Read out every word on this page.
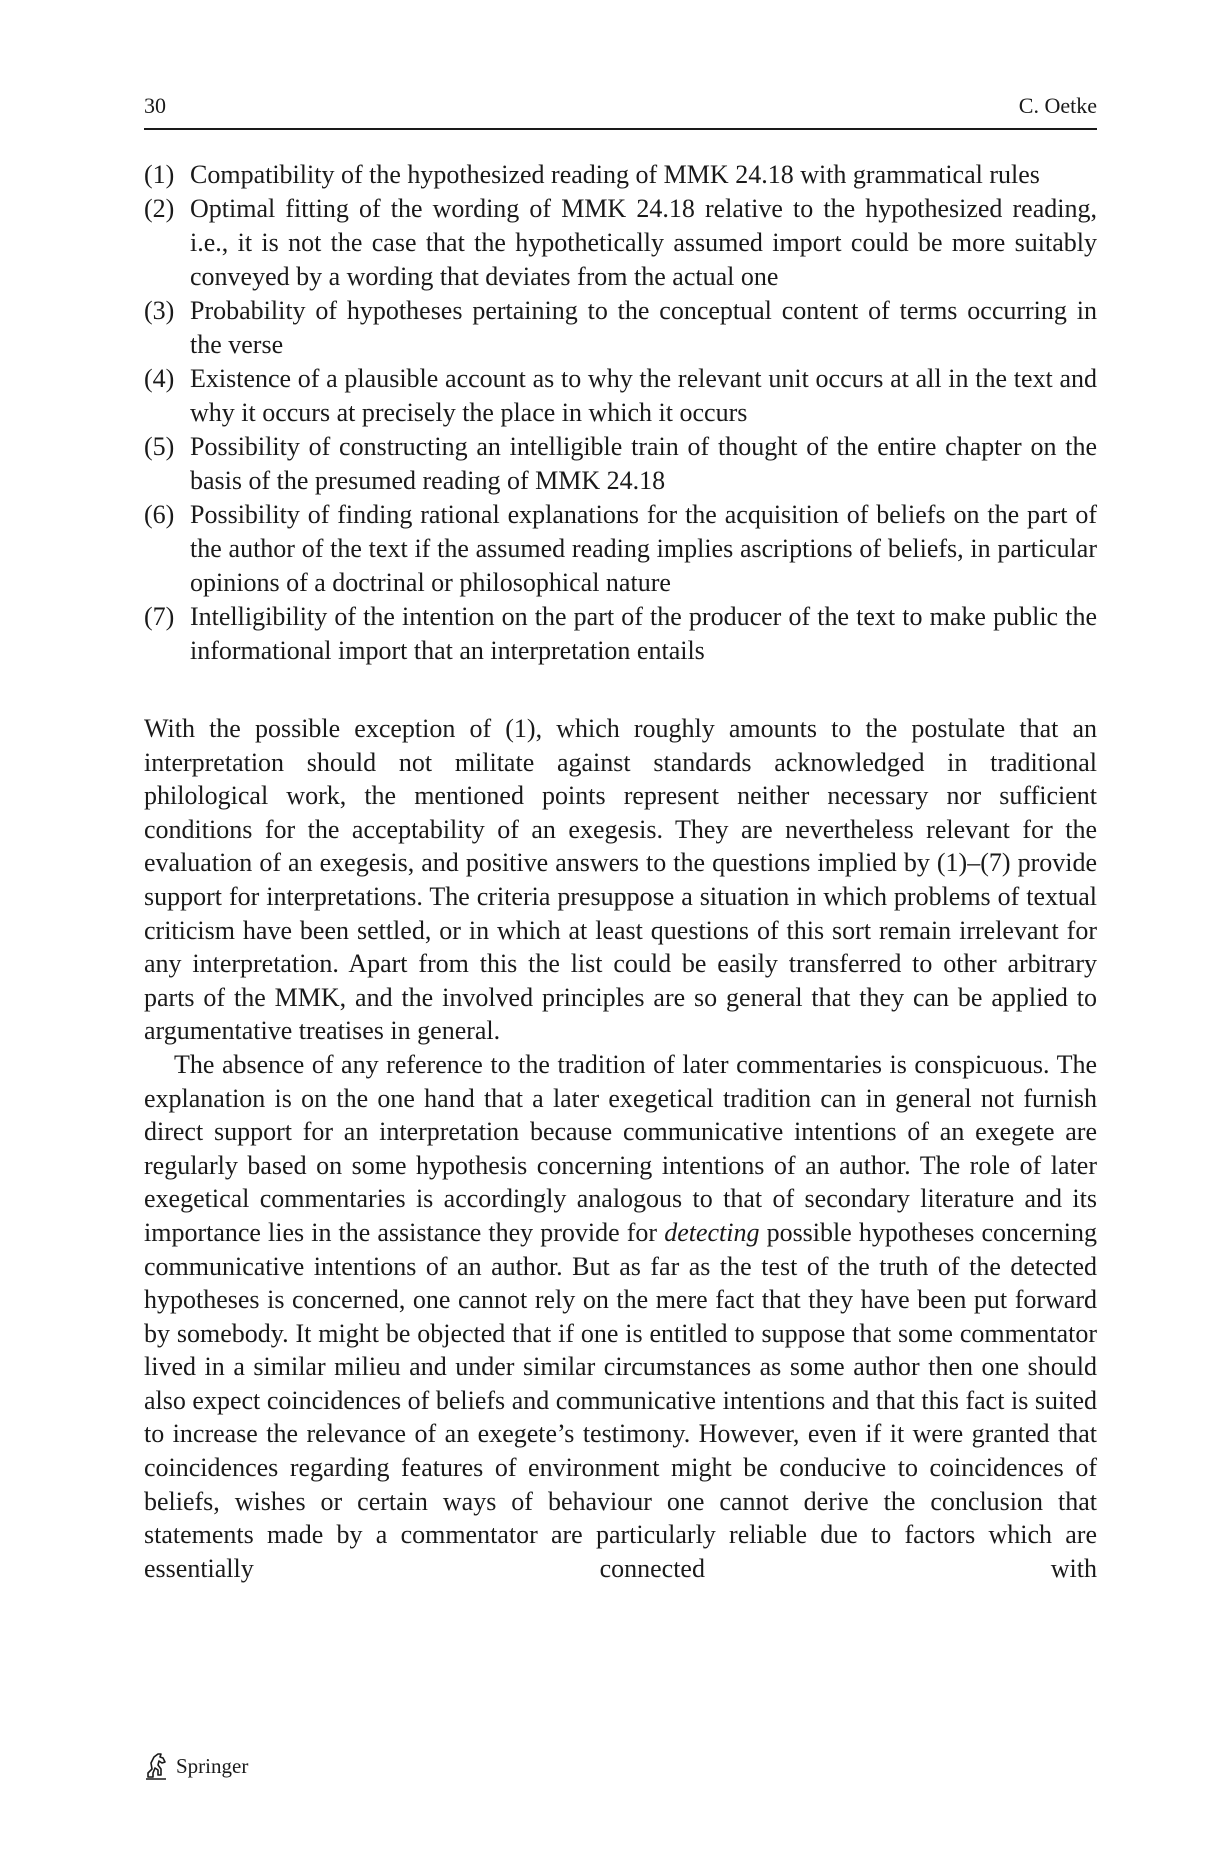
30	C. Oetke
(1) Compatibility of the hypothesized reading of MMK 24.18 with grammatical rules
(2) Optimal fitting of the wording of MMK 24.18 relative to the hypothesized reading, i.e., it is not the case that the hypothetically assumed import could be more suitably conveyed by a wording that deviates from the actual one
(3) Probability of hypotheses pertaining to the conceptual content of terms occurring in the verse
(4) Existence of a plausible account as to why the relevant unit occurs at all in the text and why it occurs at precisely the place in which it occurs
(5) Possibility of constructing an intelligible train of thought of the entire chapter on the basis of the presumed reading of MMK 24.18
(6) Possibility of finding rational explanations for the acquisition of beliefs on the part of the author of the text if the assumed reading implies ascriptions of beliefs, in particular opinions of a doctrinal or philosophical nature
(7) Intelligibility of the intention on the part of the producer of the text to make public the informational import that an interpretation entails

With the possible exception of (1), which roughly amounts to the postulate that an interpretation should not militate against standards acknowledged in traditional philological work, the mentioned points represent neither necessary nor sufficient conditions for the acceptability of an exegesis. They are nevertheless relevant for the evaluation of an exegesis, and positive answers to the questions implied by (1)–(7) provide support for interpretations. The criteria presuppose a situation in which problems of textual criticism have been settled, or in which at least questions of this sort remain irrelevant for any interpretation. Apart from this the list could be easily transferred to other arbitrary parts of the MMK, and the involved principles are so general that they can be applied to argumentative treatises in general.

The absence of any reference to the tradition of later commentaries is conspicuous. The explanation is on the one hand that a later exegetical tradition can in general not furnish direct support for an interpretation because communicative intentions of an exegete are regularly based on some hypothesis concerning intentions of an author. The role of later exegetical commentaries is accordingly analogous to that of secondary literature and its importance lies in the assistance they provide for detecting possible hypotheses concerning communicative intentions of an author. But as far as the test of the truth of the detected hypotheses is concerned, one cannot rely on the mere fact that they have been put forward by somebody. It might be objected that if one is entitled to suppose that some commentator lived in a similar milieu and under similar circumstances as some author then one should also expect coincidences of beliefs and communicative intentions and that this fact is suited to increase the relevance of an exegete’s testimony. However, even if it were granted that coincidences regarding features of environment might be conducive to coincidences of beliefs, wishes or certain ways of behaviour one cannot derive the conclusion that statements made by a commentator are particularly reliable due to factors which are essentially connected with

Springer
